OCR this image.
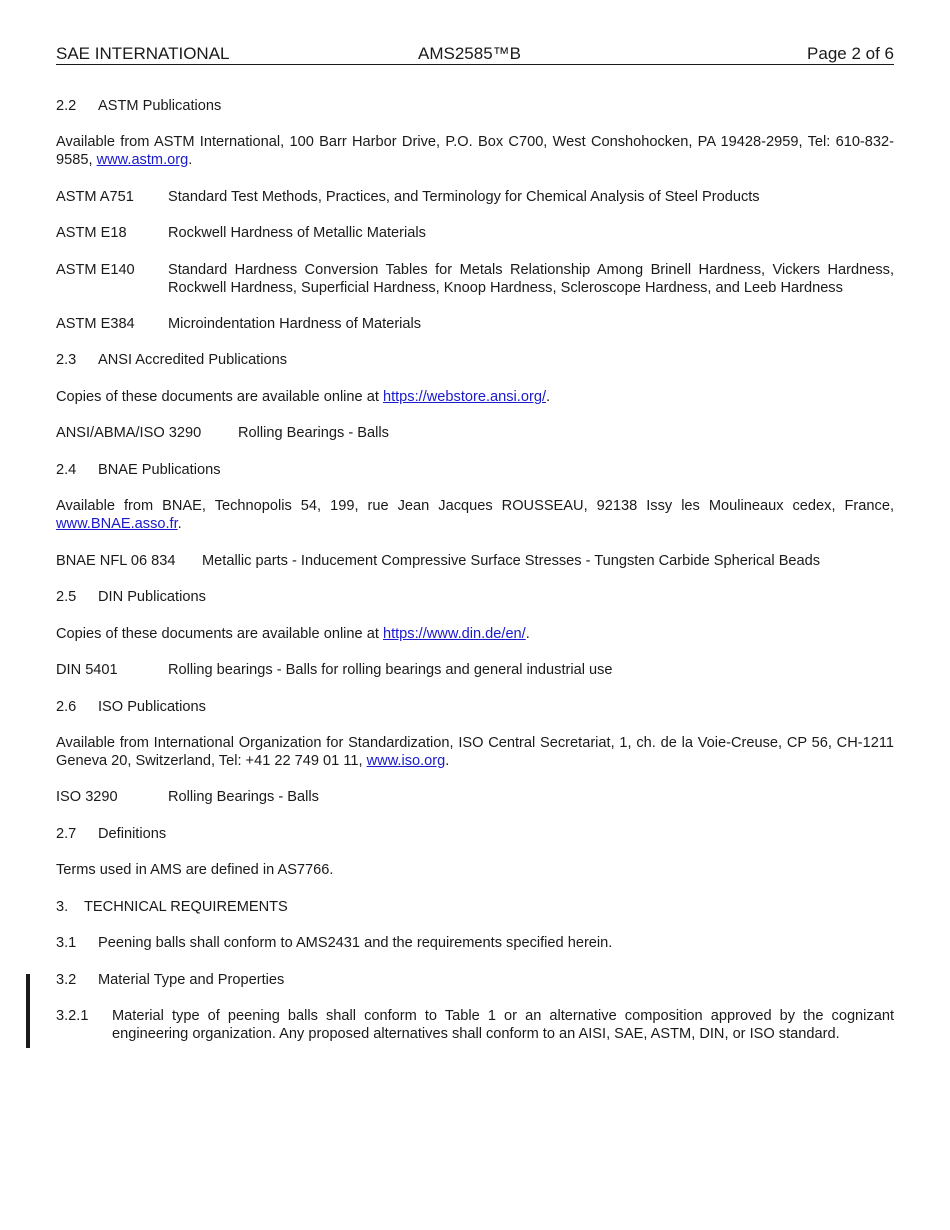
SAE INTERNATIONAL	AMS2585™B	Page 2 of 6
2.2 ASTM Publications
Available from ASTM International, 100 Barr Harbor Drive, P.O. Box C700, West Conshohocken, PA 19428-2959, Tel: 610-832-9585, www.astm.org.
ASTM A751 Standard Test Methods, Practices, and Terminology for Chemical Analysis of Steel Products
ASTM E18	Rockwell Hardness of Metallic Materials
ASTM E140 Standard Hardness Conversion Tables for Metals Relationship Among Brinell Hardness, Vickers Hardness, Rockwell Hardness, Superficial Hardness, Knoop Hardness, Scleroscope Hardness, and Leeb Hardness
ASTM E384 Microindentation Hardness of Materials
2.3 ANSI Accredited Publications
Copies of these documents are available online at https://webstore.ansi.org/.
ANSI/ABMA/ISO 3290	Rolling Bearings - Balls
2.4 BNAE Publications
Available from BNAE, Technopolis 54, 199, rue Jean Jacques ROUSSEAU, 92138 Issy les Moulineaux cedex, France, www.BNAE.asso.fr.
BNAE NFL 06 834 Metallic parts - Inducement Compressive Surface Stresses - Tungsten Carbide Spherical Beads
2.5 DIN Publications
Copies of these documents are available online at https://www.din.de/en/.
DIN 5401	Rolling bearings - Balls for rolling bearings and general industrial use
2.6 ISO Publications
Available from International Organization for Standardization, ISO Central Secretariat, 1, ch. de la Voie-Creuse, CP 56, CH-1211 Geneva 20, Switzerland, Tel: +41 22 749 01 11, www.iso.org.
ISO 3290	Rolling Bearings - Balls
2.7 Definitions
Terms used in AMS are defined in AS7766.
3. TECHNICAL REQUIREMENTS
3.1 Peening balls shall conform to AMS2431 and the requirements specified herein.
3.2 Material Type and Properties
3.2.1 Material type of peening balls shall conform to Table 1 or an alternative composition approved by the cognizant engineering organization. Any proposed alternatives shall conform to an AISI, SAE, ASTM, DIN, or ISO standard.
